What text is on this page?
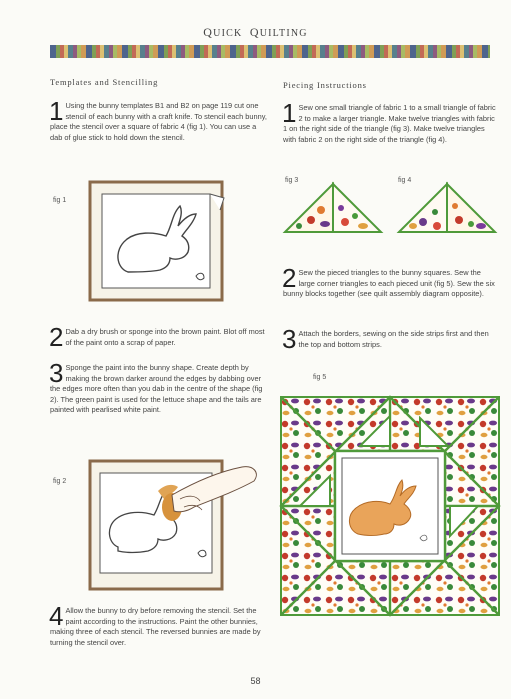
QUICK QUILTING
Templates and Stencilling
1 Using the bunny templates B1 and B2 on page 119 cut one stencil of each bunny with a craft knife. To stencil each bunny, place the stencil over a square of fabric 4 (fig 1). You can use a dab of glue stick to hold down the stencil.
fig 1
2 Dab a dry brush or sponge into the brown paint. Blot off most of the paint onto a scrap of paper.
3 Sponge the paint into the bunny shape. Create depth by making the brown darker around the edges by dabbing over the edges more often than you dab in the centre of the shape (fig 2). The green paint is used for the lettuce shape and the tails are painted with pearlised white paint.
fig 2
4 Allow the bunny to dry before removing the stencil. Set the paint according to the instructions. Paint the other bunnies, making three of each stencil. The reversed bunnies are made by turning the stencil over.
Piecing Instructions
1 Sew one small triangle of fabric 1 to a small triangle of fabric 2 to make a larger triangle. Make twelve triangles with fabric 1 on the right side of the triangle (fig 3). Make twelve triangles with fabric 2 on the right side of the triangle (fig 4).
fig 3	fig 4
2 Sew the pieced triangles to the bunny squares. Sew the large corner triangles to each pieced unit (fig 5). Sew the six bunny blocks together (see quilt assembly diagram opposite).
3 Attach the borders, sewing on the side strips first and then the top and bottom strips.
fig 5
58
